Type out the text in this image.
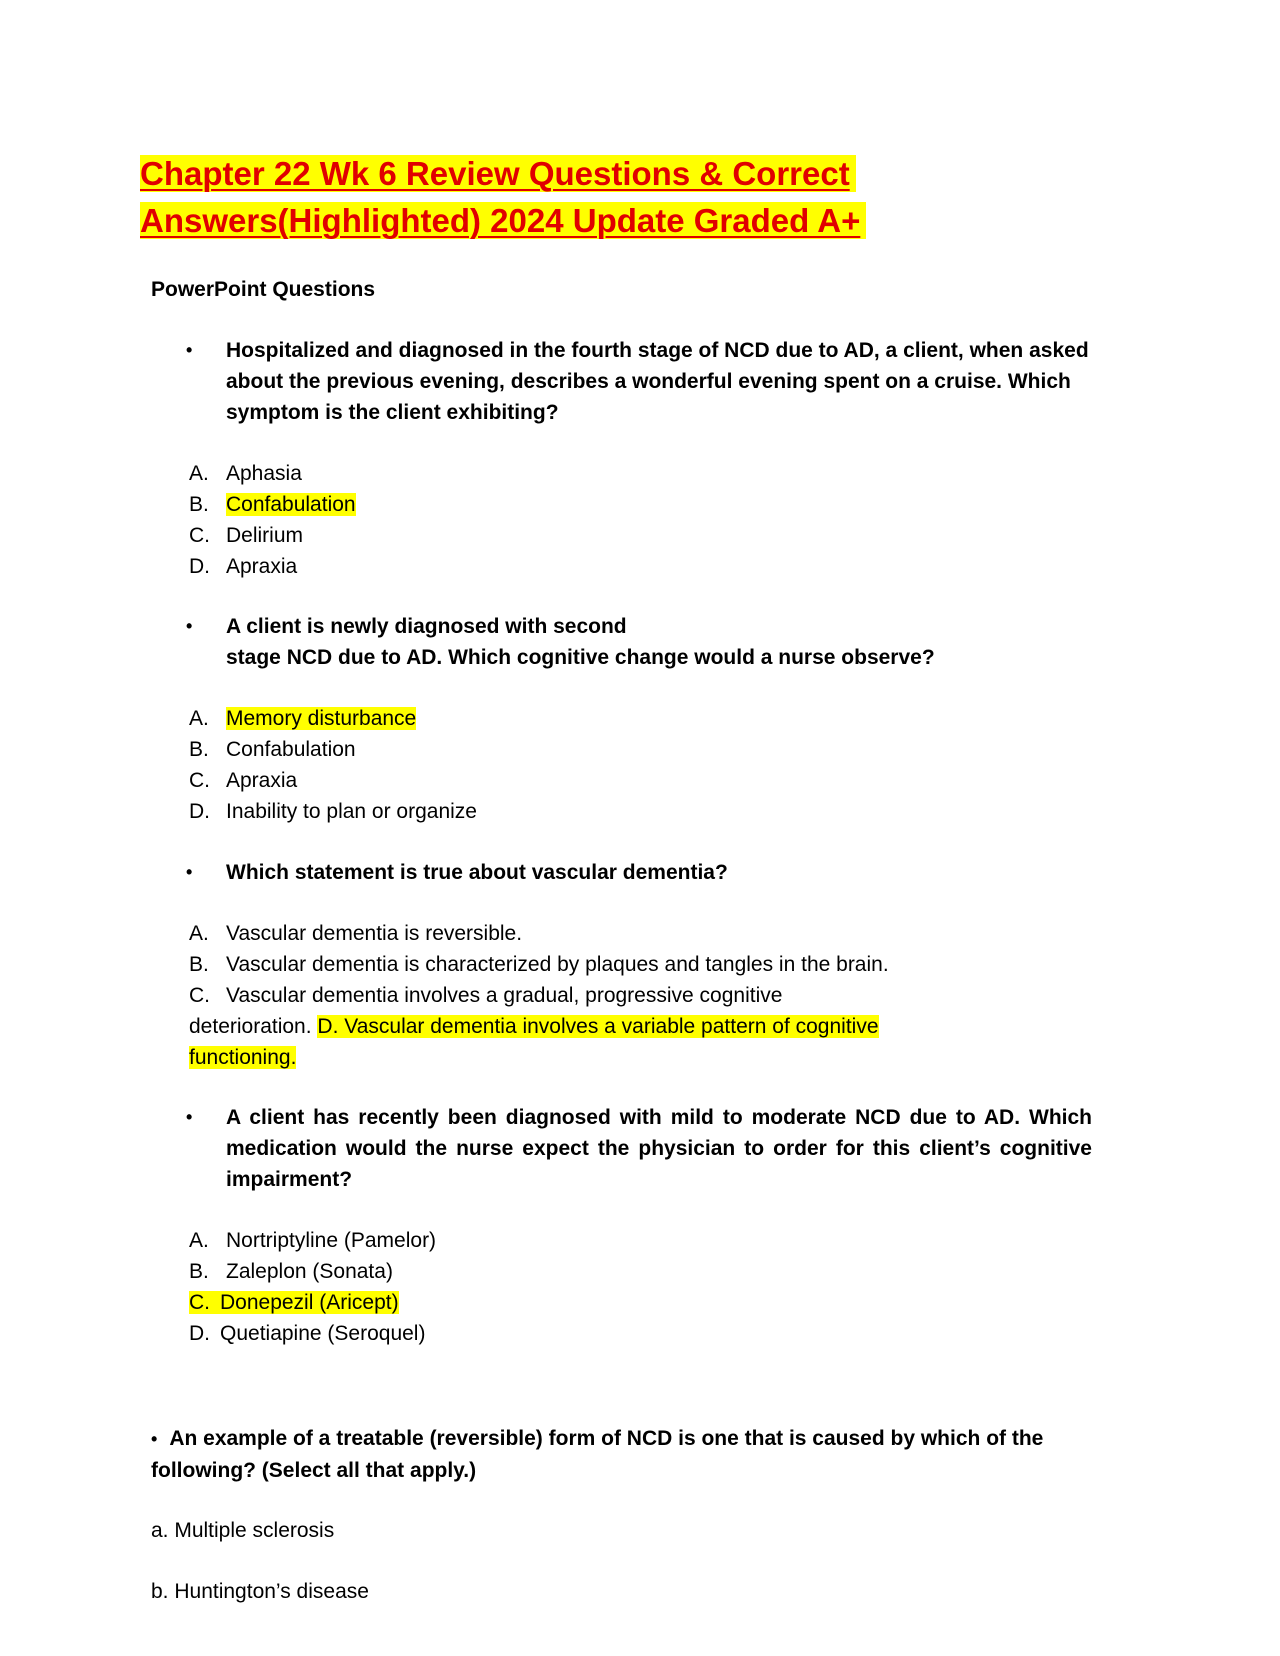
Chapter 22 Wk 6 Review Questions & Correct
Answers(Highlighted) 2024 Update Graded A+
PowerPoint Questions
• Hospitalized and diagnosed in the fourth stage of NCD due to AD, a client, when asked about the previous evening, describes a wonderful evening spent on a cruise. Which symptom is the client exhibiting?
A. Aphasia
B. Confabulation
C. Delirium
D. Apraxia
• A client is newly diagnosed with second
stage NCD due to AD. Which cognitive change would a nurse observe?
A. Memory disturbance
B. Confabulation
C. Apraxia
D. Inability to plan or organize
• Which statement is true about vascular dementia?
A. Vascular dementia is reversible.
B. Vascular dementia is characterized by plaques and tangles in the brain.
C. Vascular dementia involves a gradual, progressive cognitive
deterioration. D. Vascular dementia involves a variable pattern of cognitive
functioning.
• A client has recently been diagnosed with mild to moderate NCD due to AD. Which medication would the nurse expect the physician to order for this client’s cognitive impairment?
A. Nortriptyline (Pamelor)
B. Zaleplon (Sonata)
C. Donepezil (Aricept)
D. Quetiapine (Seroquel)
• An example of a treatable (reversible) form of NCD is one that is caused by which of the following? (Select all that apply.)
a. Multiple sclerosis
b. Huntington’s disease
